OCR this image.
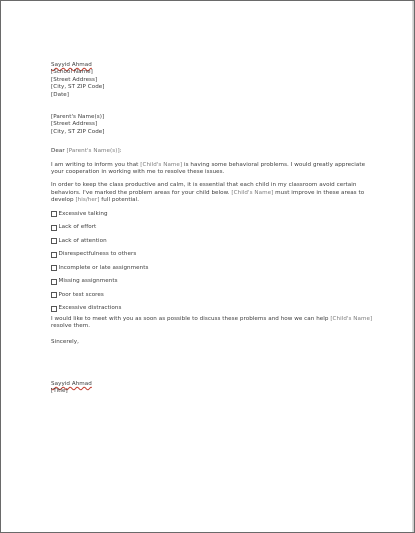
Sayyid Ahmad
[School Name]
[Street Address]
[City, ST ZIP Code]
[Date]
[Parent's Name(s)]
[Street Address]
[City, ST ZIP Code]

Dear [Parent's Name(s)]:

I am writing to inform you that [Child's Name] is having some behavioral problems. I would greatly appreciate your cooperation in working with me to resolve these issues.

In order to keep the class productive and calm, it is essential that each child in my classroom avoid certain behaviors. I've marked the problem areas for your child below. [Child's Name] must improve in these areas to develop [his/her] full potential.

Excessive talking
Lack of effort
Lack of attention
Disrespectfulness to others
Incomplete or late assignments
Missing assignments
Poor test scores
Excessive distractions

I would like to meet with you as soon as possible to discuss these problems and how we can help [Child's Name] resolve them.

Sincerely,

Sayyid Ahmad
[Title]
